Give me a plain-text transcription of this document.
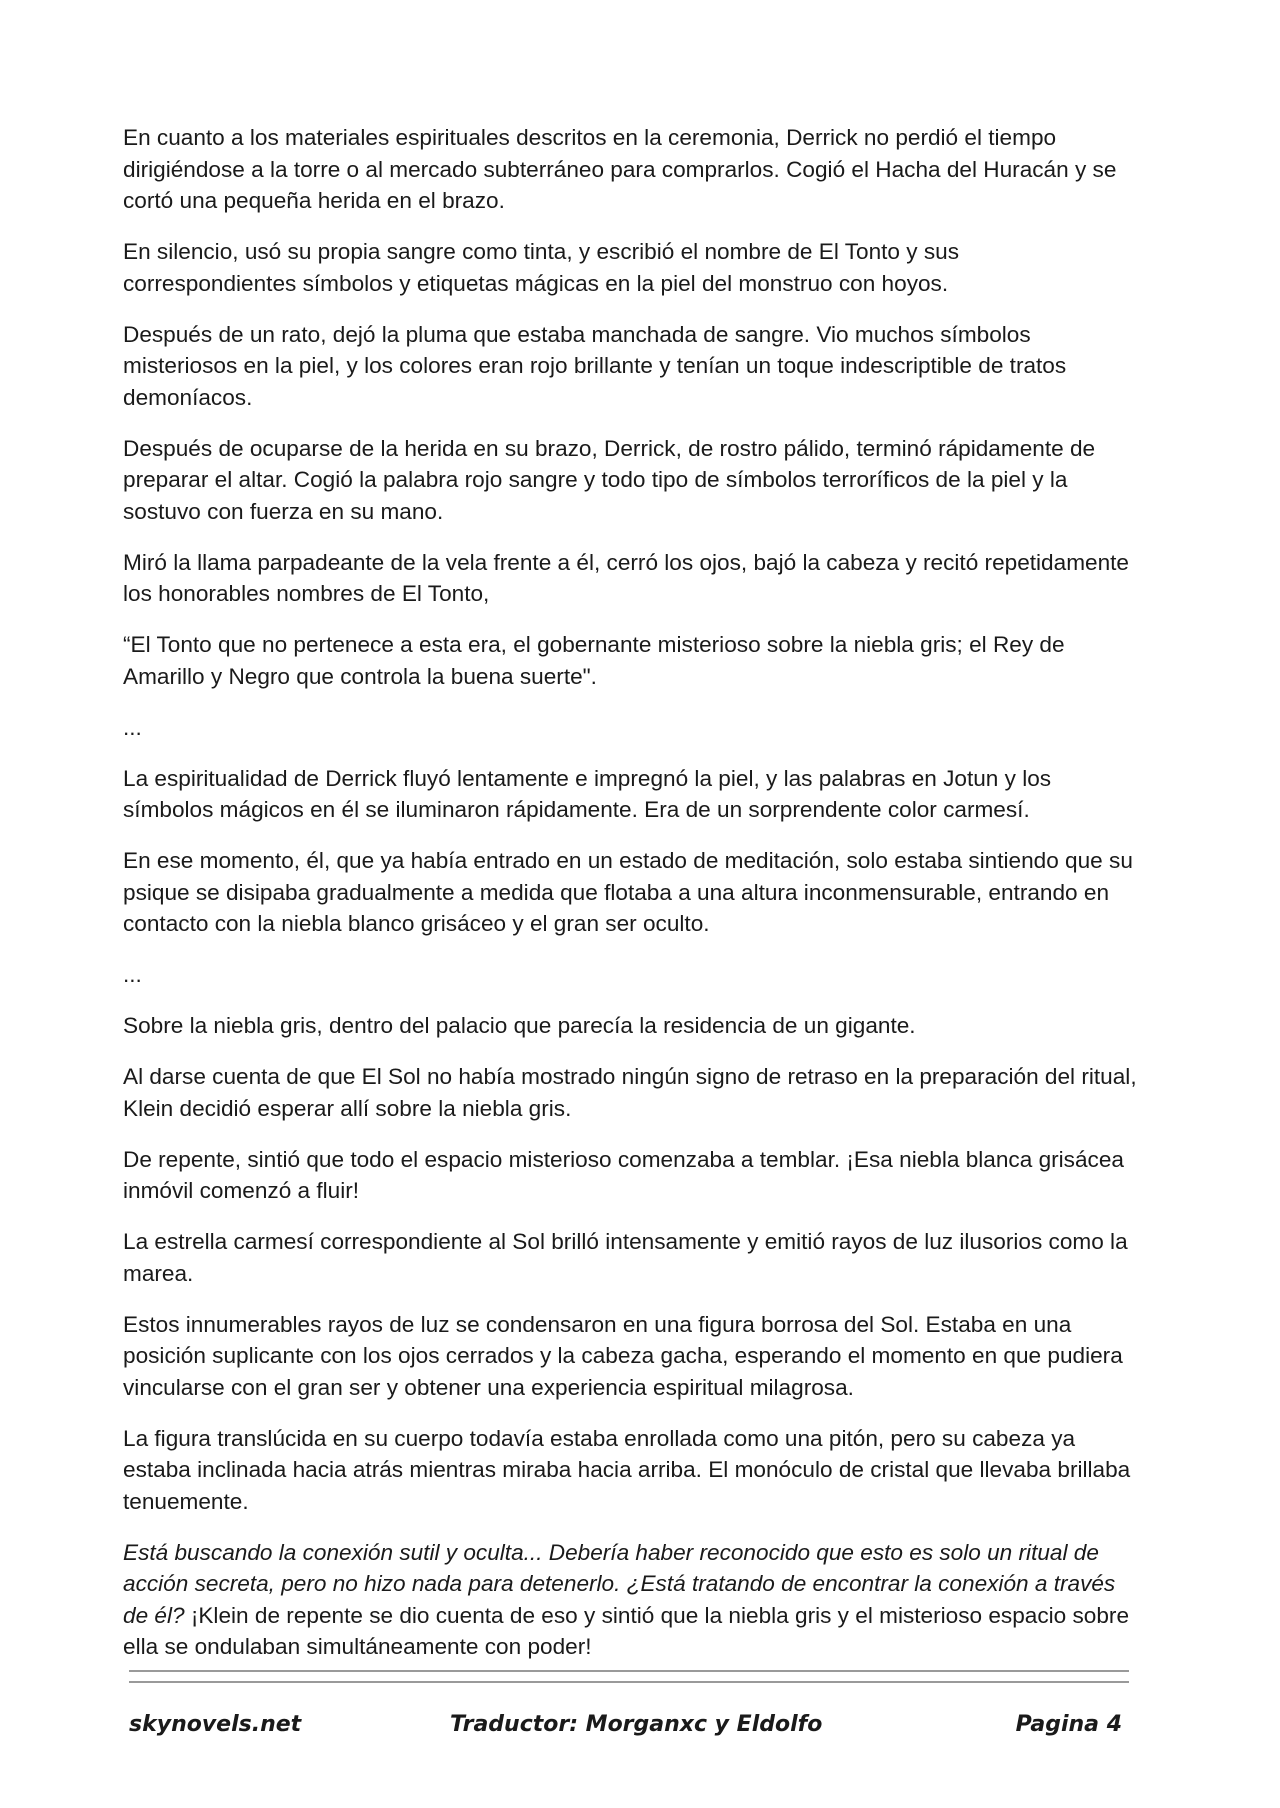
En cuanto a los materiales espirituales descritos en la ceremonia, Derrick no perdió el tiempo dirigiéndose a la torre o al mercado subterráneo para comprarlos. Cogió el Hacha del Huracán y se cortó una pequeña herida en el brazo.

En silencio, usó su propia sangre como tinta, y escribió el nombre de El Tonto y sus correspondientes símbolos y etiquetas mágicas en la piel del monstruo con hoyos.

Después de un rato, dejó la pluma que estaba manchada de sangre. Vio muchos símbolos misteriosos en la piel, y los colores eran rojo brillante y tenían un toque indescriptible de tratos demoníacos.

Después de ocuparse de la herida en su brazo, Derrick, de rostro pálido, terminó rápidamente de preparar el altar. Cogió la palabra rojo sangre y todo tipo de símbolos terroríficos de la piel y la sostuvo con fuerza en su mano.

Miró la llama parpadeante de la vela frente a él, cerró los ojos, bajó la cabeza y recitó repetidamente los honorables nombres de El Tonto,

“El Tonto que no pertenece a esta era, el gobernante misterioso sobre la niebla gris; el Rey de Amarillo y Negro que controla la buena suerte".

...

La espiritualidad de Derrick fluyó lentamente e impregnó la piel, y las palabras en Jotun y los símbolos mágicos en él se iluminaron rápidamente. Era de un sorprendente color carmesí.

En ese momento, él, que ya había entrado en un estado de meditación, solo estaba sintiendo que su psique se disipaba gradualmente a medida que flotaba a una altura inconmensurable, entrando en contacto con la niebla blanco grisáceo y el gran ser oculto.

...

Sobre la niebla gris, dentro del palacio que parecía la residencia de un gigante.

Al darse cuenta de que El Sol no había mostrado ningún signo de retraso en la preparación del ritual, Klein decidió esperar allí sobre la niebla gris.

De repente, sintió que todo el espacio misterioso comenzaba a temblar. ¡Esa niebla blanca grisácea inmóvil comenzó a fluir!

La estrella carmesí correspondiente al Sol brilló intensamente y emitió rayos de luz ilusorios como la marea.

Estos innumerables rayos de luz se condensaron en una figura borrosa del Sol. Estaba en una posición suplicante con los ojos cerrados y la cabeza gacha, esperando el momento en que pudiera vincularse con el gran ser y obtener una experiencia espiritual milagrosa.

La figura translúcida en su cuerpo todavía estaba enrollada como una pitón, pero su cabeza ya estaba inclinada hacia atrás mientras miraba hacia arriba. El monóculo de cristal que llevaba brillaba tenuemente.

Está buscando la conexión sutil y oculta... Debería haber reconocido que esto es solo un ritual de acción secreta, pero no hizo nada para detenerlo. ¿Está tratando de encontrar la conexión a través de él? ¡Klein de repente se dio cuenta de eso y sintió que la niebla gris y el misterioso espacio sobre ella se ondulaban simultáneamente con poder!

skynovels.net	Traductor: Morganxc y Eldolfo	Pagina 4
